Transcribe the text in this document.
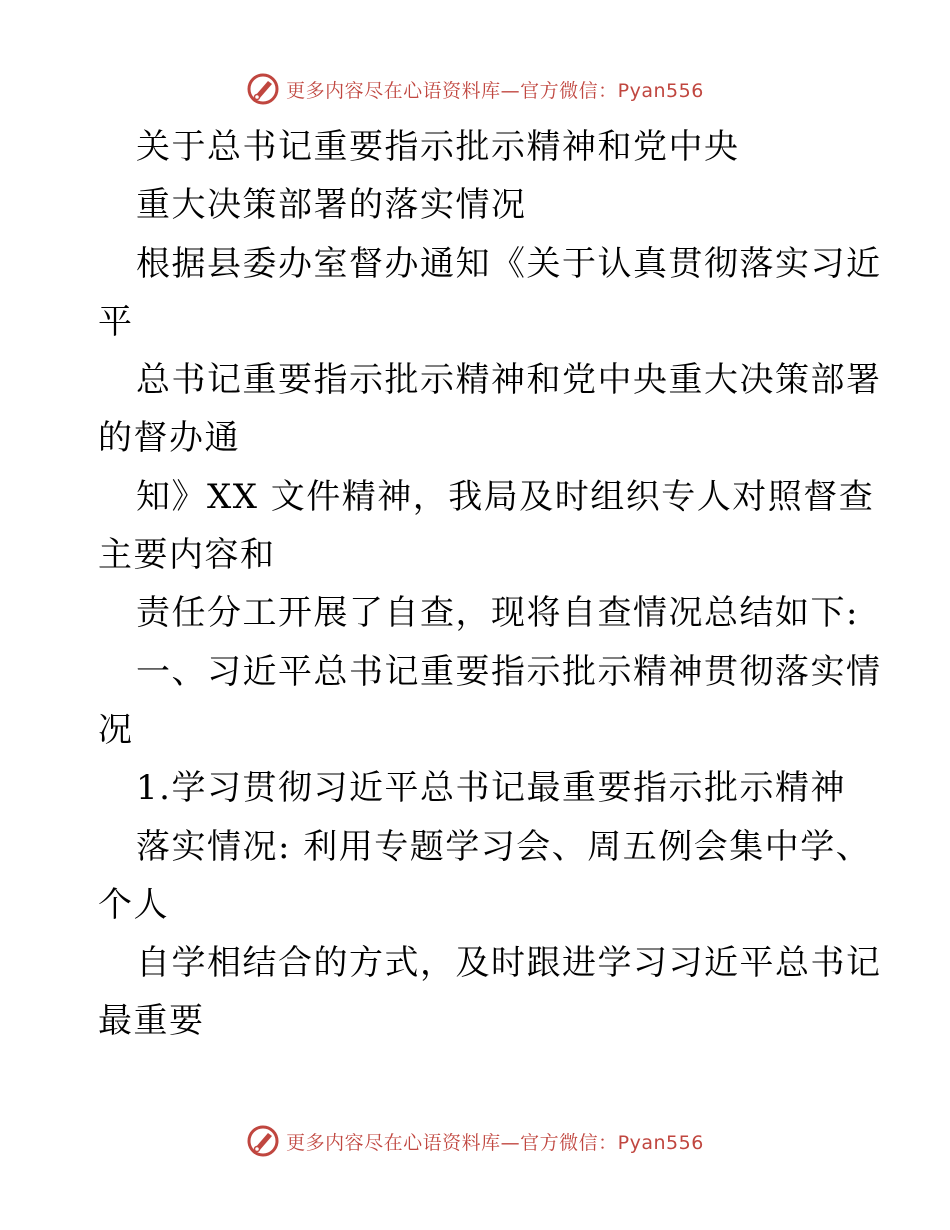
更多内容尽在心语资料库—官方微信：Pyan556
关于总书记重要指示批示精神和党中央
重大决策部署的落实情况
根据县委办室督办通知《关于认真贯彻落实习近
平
总书记重要指示批示精神和党中央重大决策部署
的督办通
知》XX 文件精神，我局及时组织专人对照督查
主要内容和
责任分工开展了自查，现将自查情况总结如下:
一、习近平总书记重要指示批示精神贯彻落实情
况
1.学习贯彻习近平总书记最重要指示批示精神
落实情况: 利用专题学习会、周五例会集中学、
个人
自学相结合的方式，及时跟进学习习近平总书记
最重要
更多内容尽在心语资料库—官方微信：Pyan556
